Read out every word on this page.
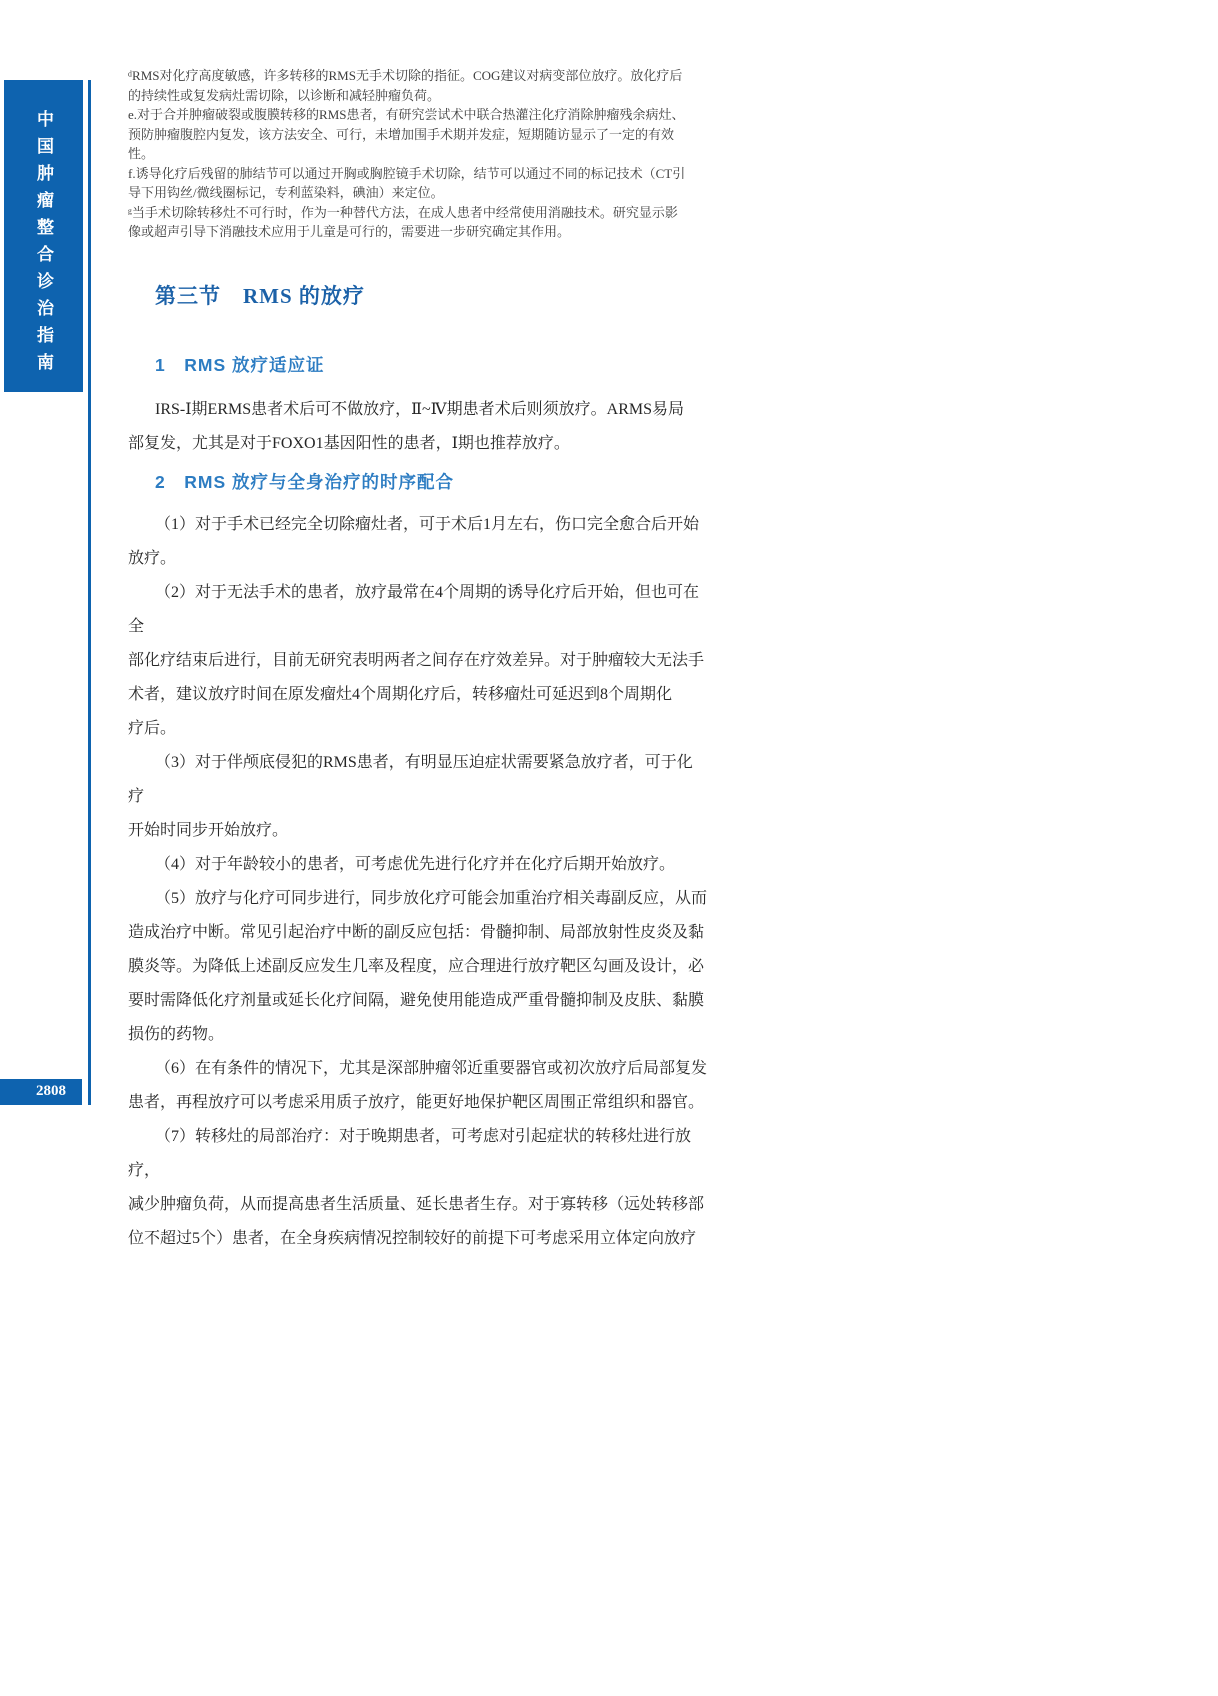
中国肿瘤整合诊治指南
2808
ᵈRMS对化疗高度敏感，许多转移的RMS无手术切除的指征。COG建议对病变部位放疗。放化疗后
的持续性或复发病灶需切除，以诊断和减轻肿瘤负荷。
e.对于合并肿瘤破裂或腹膜转移的RMS患者，有研究尝试术中联合热灌注化疗消除肿瘤残余病灶、
预防肿瘤腹腔内复发，该方法安全、可行，未增加围手术期并发症，短期随访显示了一定的有效
性。
f.诱导化疗后残留的肺结节可以通过开胸或胸腔镜手术切除，结节可以通过不同的标记技术（CT引
导下用钩丝/微线圈标记，专利蓝染料，碘油）来定位。
ᵍ当手术切除转移灶不可行时，作为一种替代方法，在成人患者中经常使用消融技术。研究显示影
像或超声引导下消融技术应用于儿童是可行的，需要进一步研究确定其作用。
第三节　RMS 的放疗
1　RMS 放疗适应证
IRS-Ⅰ期ERMS患者术后可不做放疗，Ⅱ~Ⅳ期患者术后则须放疗。ARMS易局
部复发，尤其是对于FOXO1基因阳性的患者，Ⅰ期也推荐放疗。
2　RMS 放疗与全身治疗的时序配合
（1）对于手术已经完全切除瘤灶者，可于术后1月左右，伤口完全愈合后开始
放疗。
（2）对于无法手术的患者，放疗最常在4个周期的诱导化疗后开始，但也可在全
部化疗结束后进行，目前无研究表明两者之间存在疗效差异。对于肿瘤较大无法手
术者，建议放疗时间在原发瘤灶4个周期化疗后，转移瘤灶可延迟到8个周期化
疗后。
（3）对于伴颅底侵犯的RMS患者，有明显压迫症状需要紧急放疗者，可于化疗
开始时同步开始放疗。
（4）对于年龄较小的患者，可考虑优先进行化疗并在化疗后期开始放疗。
（5）放疗与化疗可同步进行，同步放化疗可能会加重治疗相关毒副反应，从而
造成治疗中断。常见引起治疗中断的副反应包括：骨髓抑制、局部放射性皮炎及黏
膜炎等。为降低上述副反应发生几率及程度，应合理进行放疗靶区勾画及设计，必
要时需降低化疗剂量或延长化疗间隔，避免使用能造成严重骨髓抑制及皮肤、黏膜
损伤的药物。
（6）在有条件的情况下，尤其是深部肿瘤邻近重要器官或初次放疗后局部复发
患者，再程放疗可以考虑采用质子放疗，能更好地保护靶区周围正常组织和器官。
（7）转移灶的局部治疗：对于晚期患者，可考虑对引起症状的转移灶进行放疗，
减少肿瘤负荷，从而提高患者生活质量、延长患者生存。对于寡转移（远处转移部
位不超过5个）患者，在全身疾病情况控制较好的前提下可考虑采用立体定向放疗
